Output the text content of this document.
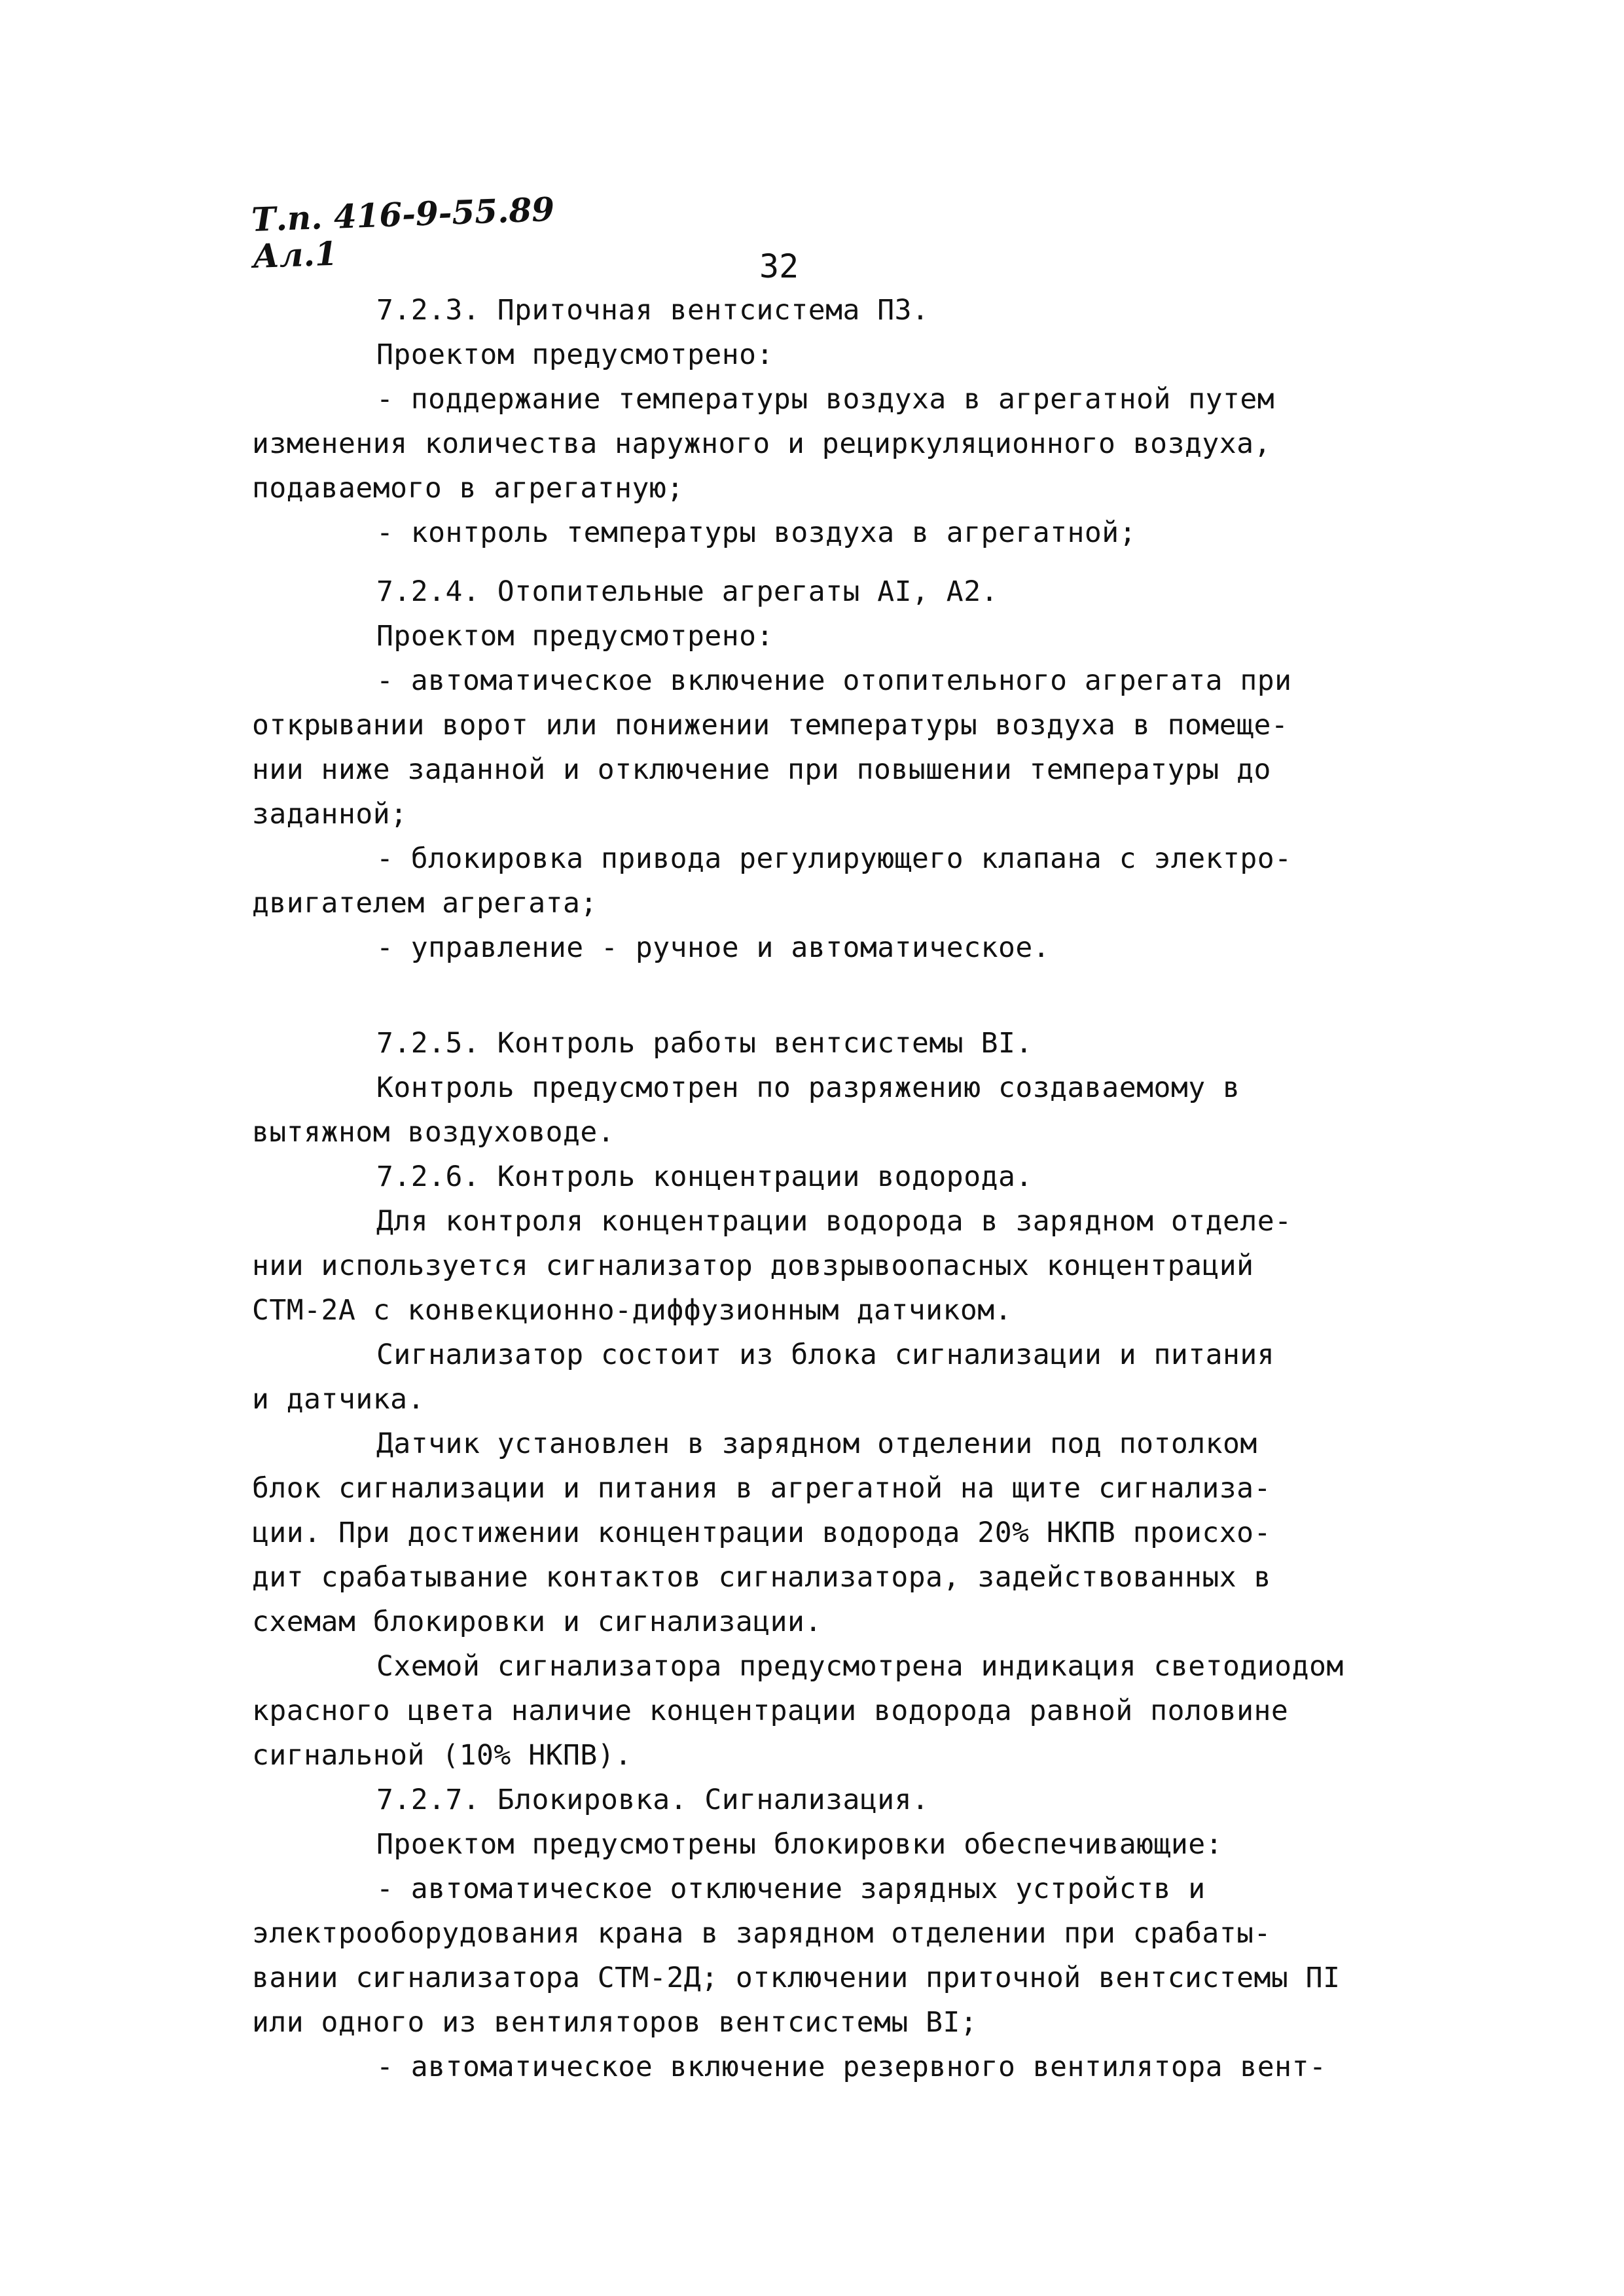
Т.п. 416-9-55.89
Ал.1	32
7.2.3. Приточная вентсистема П3.
Проектом предусмотрено:
- поддержание температуры воздуха в агрегатной путем
изменения количества наружного и рециркуляционного воздуха,
подаваемого в агрегатную;
- контроль температуры воздуха в агрегатной;
7.2.4. Отопительные агрегаты AI, A2.
Проектом предусмотрено:
- автоматическое включение отопительного агрегата при
открывании ворот или понижении температуры воздуха в помеще-
нии ниже заданной и отключение при повышении температуры до
заданной;
- блокировка привода регулирующего клапана с электро-
двигателем агрегата;
- управление - ручное и автоматическое.
7.2.5. Контроль работы вентсистемы BI.
Контроль предусмотрен по разряжению создаваемому в
вытяжном воздуховоде.
7.2.6. Контроль концентрации водорода.
Для контроля концентрации водорода в зарядном отделе-
нии используется сигнализатор довзрывоопасных концентраций
СТМ-2А с конвекционно-диффузионным датчиком.
Сигнализатор состоит из блока сигнализации и питания
и датчика.
Датчик установлен в зарядном отделении под потолком
блок сигнализации и питания в агрегатной на щите сигнализа-
ции. При достижении концентрации водорода 20% НКПВ происхо-
дит срабатывание контактов сигнализатора, задействованных в
схемам блокировки и сигнализации.
Схемой сигнализатора предусмотрена индикация светодиодом
красного цвета наличие концентрации водорода равной половине
сигнальной (10% НКПВ).
7.2.7. Блокировка. Сигнализация.
Проектом предусмотрены блокировки обеспечивающие:
- автоматическое отключение зарядных устройств и
электрооборудования крана в зарядном отделении при срабаты-
вании сигнализатора СТМ-2Д; отключении приточной вентсистемы ПI
или одного из вентиляторов вентсистемы BI;
- автоматическое включение резервного вентилятора вент-
